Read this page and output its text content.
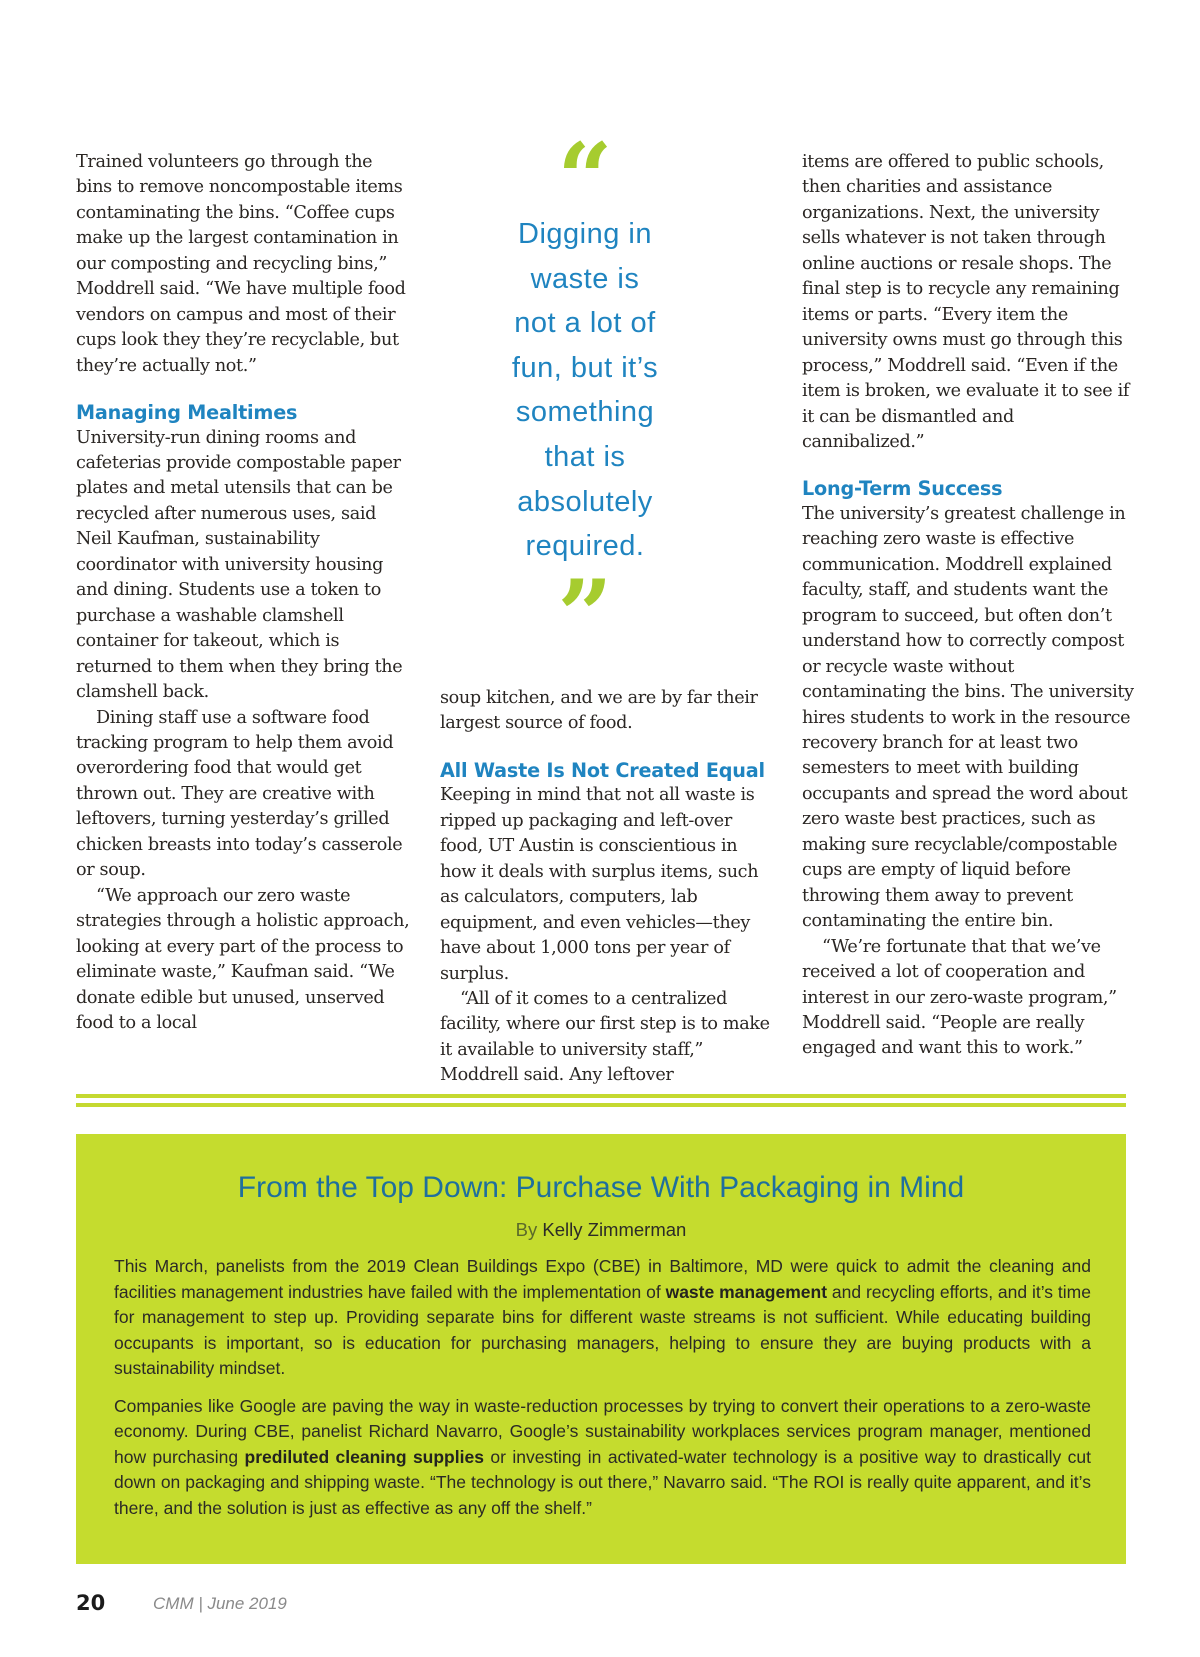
Trained volunteers go through the bins to remove noncompostable items contaminating the bins. “Coffee cups make up the largest contamination in our composting and recycling bins,” Moddrell said. “We have multiple food vendors on campus and most of their cups look they they’re recyclable, but they’re actually not.”

Managing Mealtimes

University-run dining rooms and cafeterias provide compostable paper plates and metal utensils that can be recycled after numerous uses, said Neil Kaufman, sustainability coordinator with university housing and dining. Students use a token to purchase a washable clamshell container for takeout, which is returned to them when they bring the clamshell back.

Dining staff use a software food tracking program to help them avoid overordering food that would get thrown out. They are creative with leftovers, turning yesterday’s grilled chicken breasts into today’s casserole or soup.

“We approach our zero waste strategies through a holistic approach, looking at every part of the process to eliminate waste,” Kaufman said. “We donate edible but unused, unserved food to a local

“

Digging in

waste is

not a lot of

fun, but it’s

something

that is

absolutely

required.

”

soup kitchen, and we are by far their largest source of food.

All Waste Is Not Created Equal

Keeping in mind that not all waste is ripped up packaging and left-over food, UT Austin is conscientious in how it deals with surplus items, such as calculators, computers, lab equipment, and even vehicles—they have about 1,000 tons per year of surplus.

“All of it comes to a centralized facility, where our first step is to make it available to university staff,” Moddrell said. Any leftover

items are offered to public schools, then charities and assistance organizations. Next, the university sells whatever is not taken through online auctions or resale shops. The final step is to recycle any remaining items or parts. “Every item the university owns must go through this process,” Moddrell said. “Even if the item is broken, we evaluate it to see if it can be dismantled and cannibalized.”

Long-Term Success

The university’s greatest challenge in reaching zero waste is effective communication. Moddrell explained faculty, staff, and students want the program to succeed, but often don’t understand how to correctly compost or recycle waste without contaminating the bins. The university hires students to work in the resource recovery branch for at least two semesters to meet with building occupants and spread the word about zero waste best practices, such as making sure recyclable/compostable cups are empty of liquid before throwing them away to prevent contaminating the entire bin.

“We’re fortunate that that we’ve received a lot of cooperation and interest in our zero-waste program,” Moddrell said. “People are really engaged and want this to work.”

From the Top Down: Purchase With Packaging in Mind
By Kelly Zimmerman

This March, panelists from the 2019 Clean Buildings Expo (CBE) in Baltimore, MD were quick to admit the cleaning and facilities management industries have failed with the implementation of waste management and recycling efforts, and it’s time for management to step up. Providing separate bins for different waste streams is not sufficient. While educating building occupants is important, so is education for purchasing managers, helping to ensure they are buying products with a sustainability mindset.

Companies like Google are paving the way in waste-reduction processes by trying to convert their operations to a zero-waste economy. During CBE, panelist Richard Navarro, Google’s sustainability workplaces services program manager, mentioned how purchasing prediluted cleaning supplies or investing in activated-water technology is a positive way to drastically cut down on packaging and shipping waste. “The technology is out there,” Navarro said. “The ROI is really quite apparent, and it’s there, and the solution is just as effective as any off the shelf.”

20	CMM | June 2019
